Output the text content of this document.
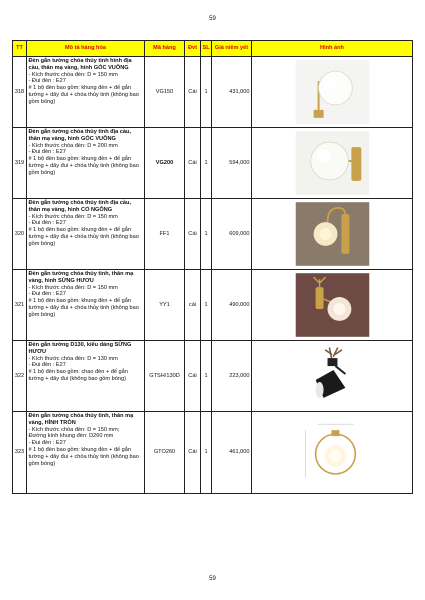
59
TT	Mô tả hàng hóa	Mã hàng	Đvt	SL	Giá niêm yết	Hình ảnh
318	Đèn gắn tường chóa thủy tinh hình địa cầu, thân mạ vàng, hình GÓC VUÔNG
- Kích thước chóa đèn: D = 150 mm
- Đui đèn : E27
# 1 bộ đèn bao gồm: khung đèn + đế gắn tường + dây đui + chóa thủy tinh (không bao gồm bóng)	VG150	Cái	1	431,000	

319	Đèn gắn tường chóa thủy tinh địa cầu, thân mạ vàng, hình GÓC VUÔNG
- Kích thước chóa đèn: D = 200 mm
- Đui đèn : E27
# 1 bộ đèn bao gồm: khung đèn + đế gắn tường + dây đui + chóa thủy tinh (không bao gồm bóng)	VG200	Cái	1	594,000	

320	Đèn gắn tường chóa thủy tinh địa cầu, thân mạ vàng, hình CỔ NGỖNG
- Kích thước chóa đèn: D = 150 mm
- Đui đèn : E27
# 1 bộ đèn bao gồm: khung đèn + đế gắn tường + dây đui + chóa thủy tinh (không bao gồm bóng)	FF1	Cái	1	609,000	

321	Đèn gắn tường chóa thủy tinh, thân mạ vàng, hình SỪNG HƯƠU
- Kích thước chóa đèn: D = 150 mm
- Đui đèn : E27
# 1 bộ đèn bao gồm: khung đèn + đế gắn tường + dây đui + chóa thủy tinh (không bao gồm bóng)	YY1	cái	1	490,000	

322	Đèn gắn tường D130, kiểu dáng SỪNG HƯƠU
- Kích thước chóa đèn: D = 130 mm
- Đui đèn : E27
# 1 bộ đèn bao gồm: chao đèn + đế gắn tường + dây đui (không bao gồm bóng)	GTSH/130D	Cái	1	223,000	

323	Đèn gắn tường chóa thủy tinh, thân mạ vàng, HÌNH TRÒN
- Kích thước chóa đèn: D = 150 mm;
Đường kính khung đèn: D260 mm
- Đui đèn : E27
# 1 bộ đèn bao gồm: khung đèn + đế gắn tường + dây đui + chóa thủy tinh (không bao gồm bóng)	GTO260	Cái	1	461,000	
59
